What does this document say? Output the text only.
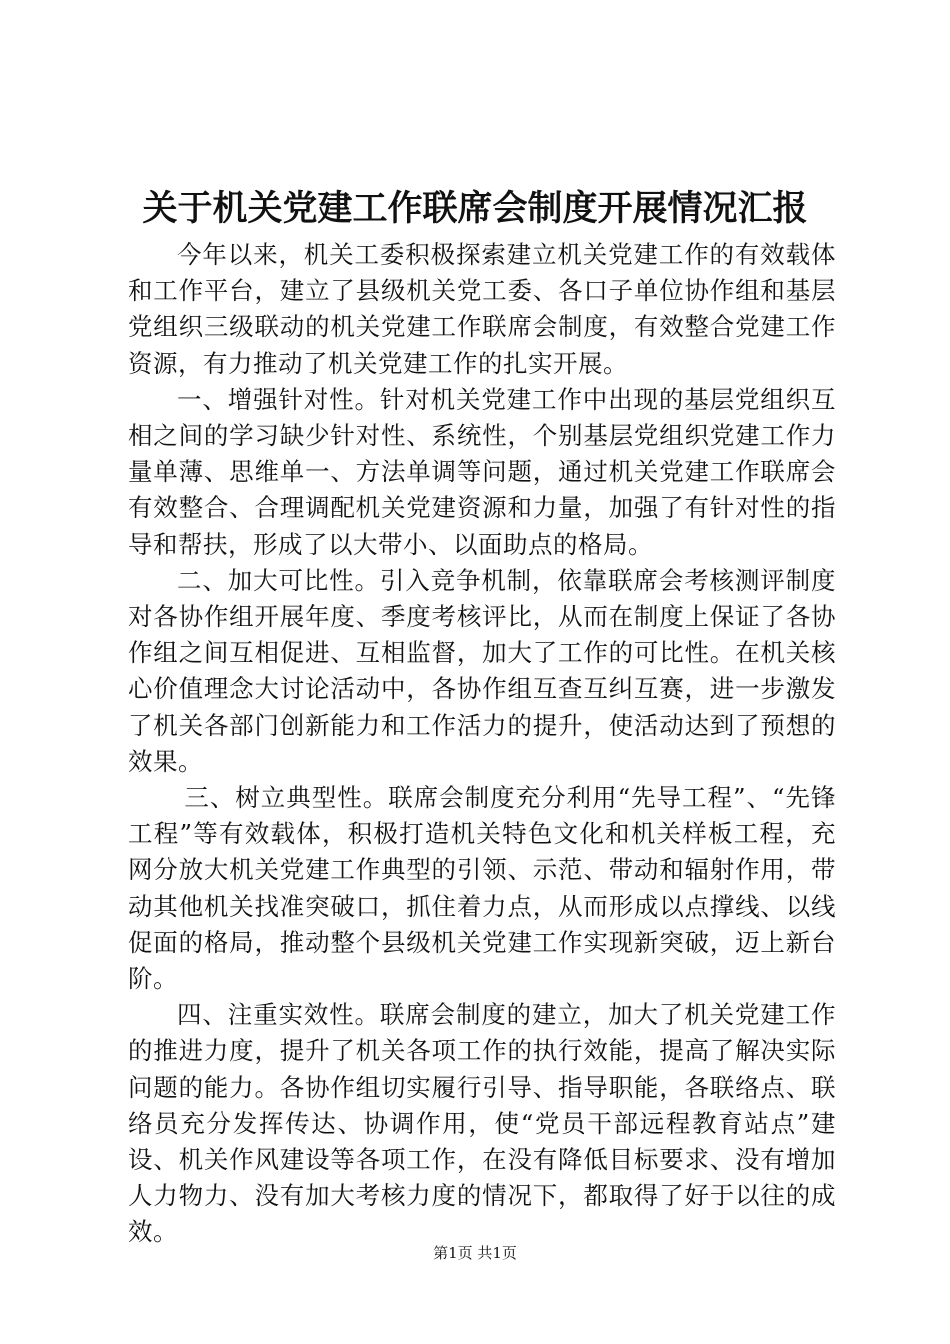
关于机关党建工作联席会制度开展情况汇报

今年以来，机关工委积极探索建立机关党建工作的有效载体和工作平台，建立了县级机关党工委、各口子单位协作组和基层党组织三级联动的机关党建工作联席会制度，有效整合党建工作资源，有力推动了机关党建工作的扎实开展。

一、增强针对性。针对机关党建工作中出现的基层党组织互相之间的学习缺少针对性、系统性，个别基层党组织党建工作力量单薄、思维单一、方法单调等问题，通过机关党建工作联席会有效整合、合理调配机关党建资源和力量，加强了有针对性的指导和帮扶，形成了以大带小、以面助点的格局。

二、加大可比性。引入竞争机制，依靠联席会考核测评制度对各协作组开展年度、季度考核评比，从而在制度上保证了各协作组之间互相促进、互相监督，加大了工作的可比性。在机关核心价值理念大讨论活动中，各协作组互查互纠互赛，进一步激发了机关各部门创新能力和工作活力的提升，使活动达到了预想的效果。

三、树立典型性。联席会制度充分利用“先导工程”、“先锋工程”等有效载体，积极打造机关特色文化和机关样板工程，充网分放大机关党建工作典型的引领、示范、带动和辐射作用，带动其他机关找准突破口，抓住着力点，从而形成以点撑线、以线促面的格局，推动整个县级机关党建工作实现新突破，迈上新台阶。

四、注重实效性。联席会制度的建立，加大了机关党建工作的推进力度，提升了机关各项工作的执行效能，提高了解决实际问题的能力。各协作组切实履行引导、指导职能，各联络点、联络员充分发挥传达、协调作用，使“党员干部远程教育站点”建设、机关作风建设等各项工作，在没有降低目标要求、没有增加人力物力、没有加大考核力度的情况下，都取得了好于以往的成效。

第1页 共1页
